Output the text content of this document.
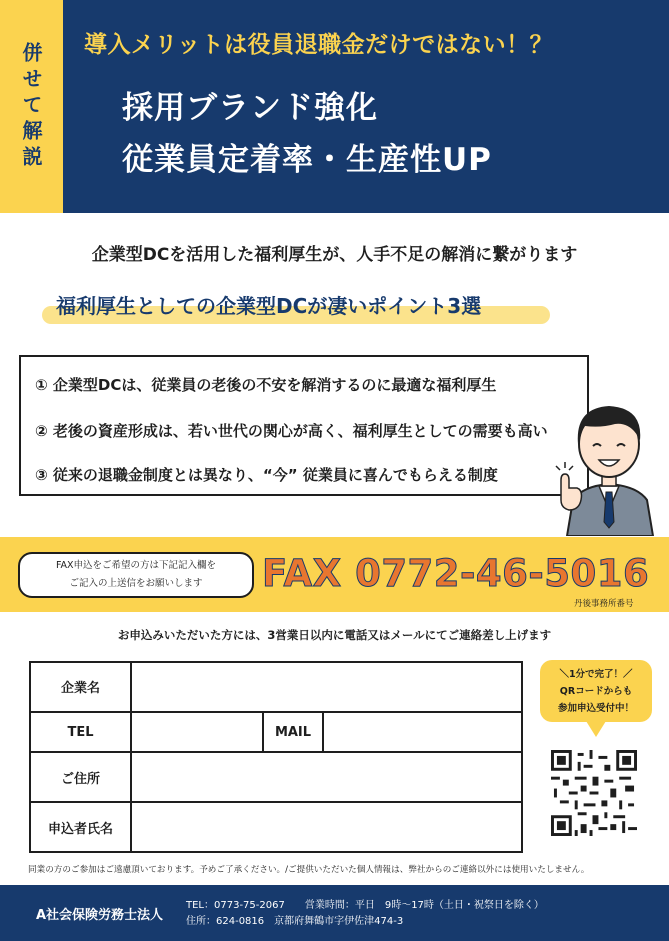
併せて解説 導入メリットは役員退職金だけではない！？
採用ブランド強化
従業員定着率・生産性UP
企業型DCを活用した福利厚生が、人手不足の解消に繋がります
福利厚生としての企業型DCが凄いポイント3選
① 企業型DCは、従業員の老後の不安を解消するのに最適な福利厚生
② 老後の資産形成は、若い世代の関心が高く、福利厚生としての需要も高い
③ 従来の退職金制度とは異なり、“今” 従業員に喜んでもらえる制度
FAX申込をご希望の方は下記記入欄を
ご記入の上送信をお願いします	FAX 0772-46-5016
丹後事務所番号
お申込みいただいた方には、3営業日以内に電話又はメールにてご連絡差し上げます
企業名			
TEL		MAIL	
ご住所			
申込者氏名			
＼1分で完了！／
QRコードからも
参加申込受付中！
同業の方のご参加はご遠慮頂いております。予めご了承ください。/ご提供いただいた個人情報は、弊社からのご連絡以外には使用いたしません。
A社会保険労務士法人
TEL：0773-75-2067　　営業時間：平日　9時～17時（土日・祝祭日を除く）
住所：624-0816　京都府舞鶴市字伊佐津474-3
